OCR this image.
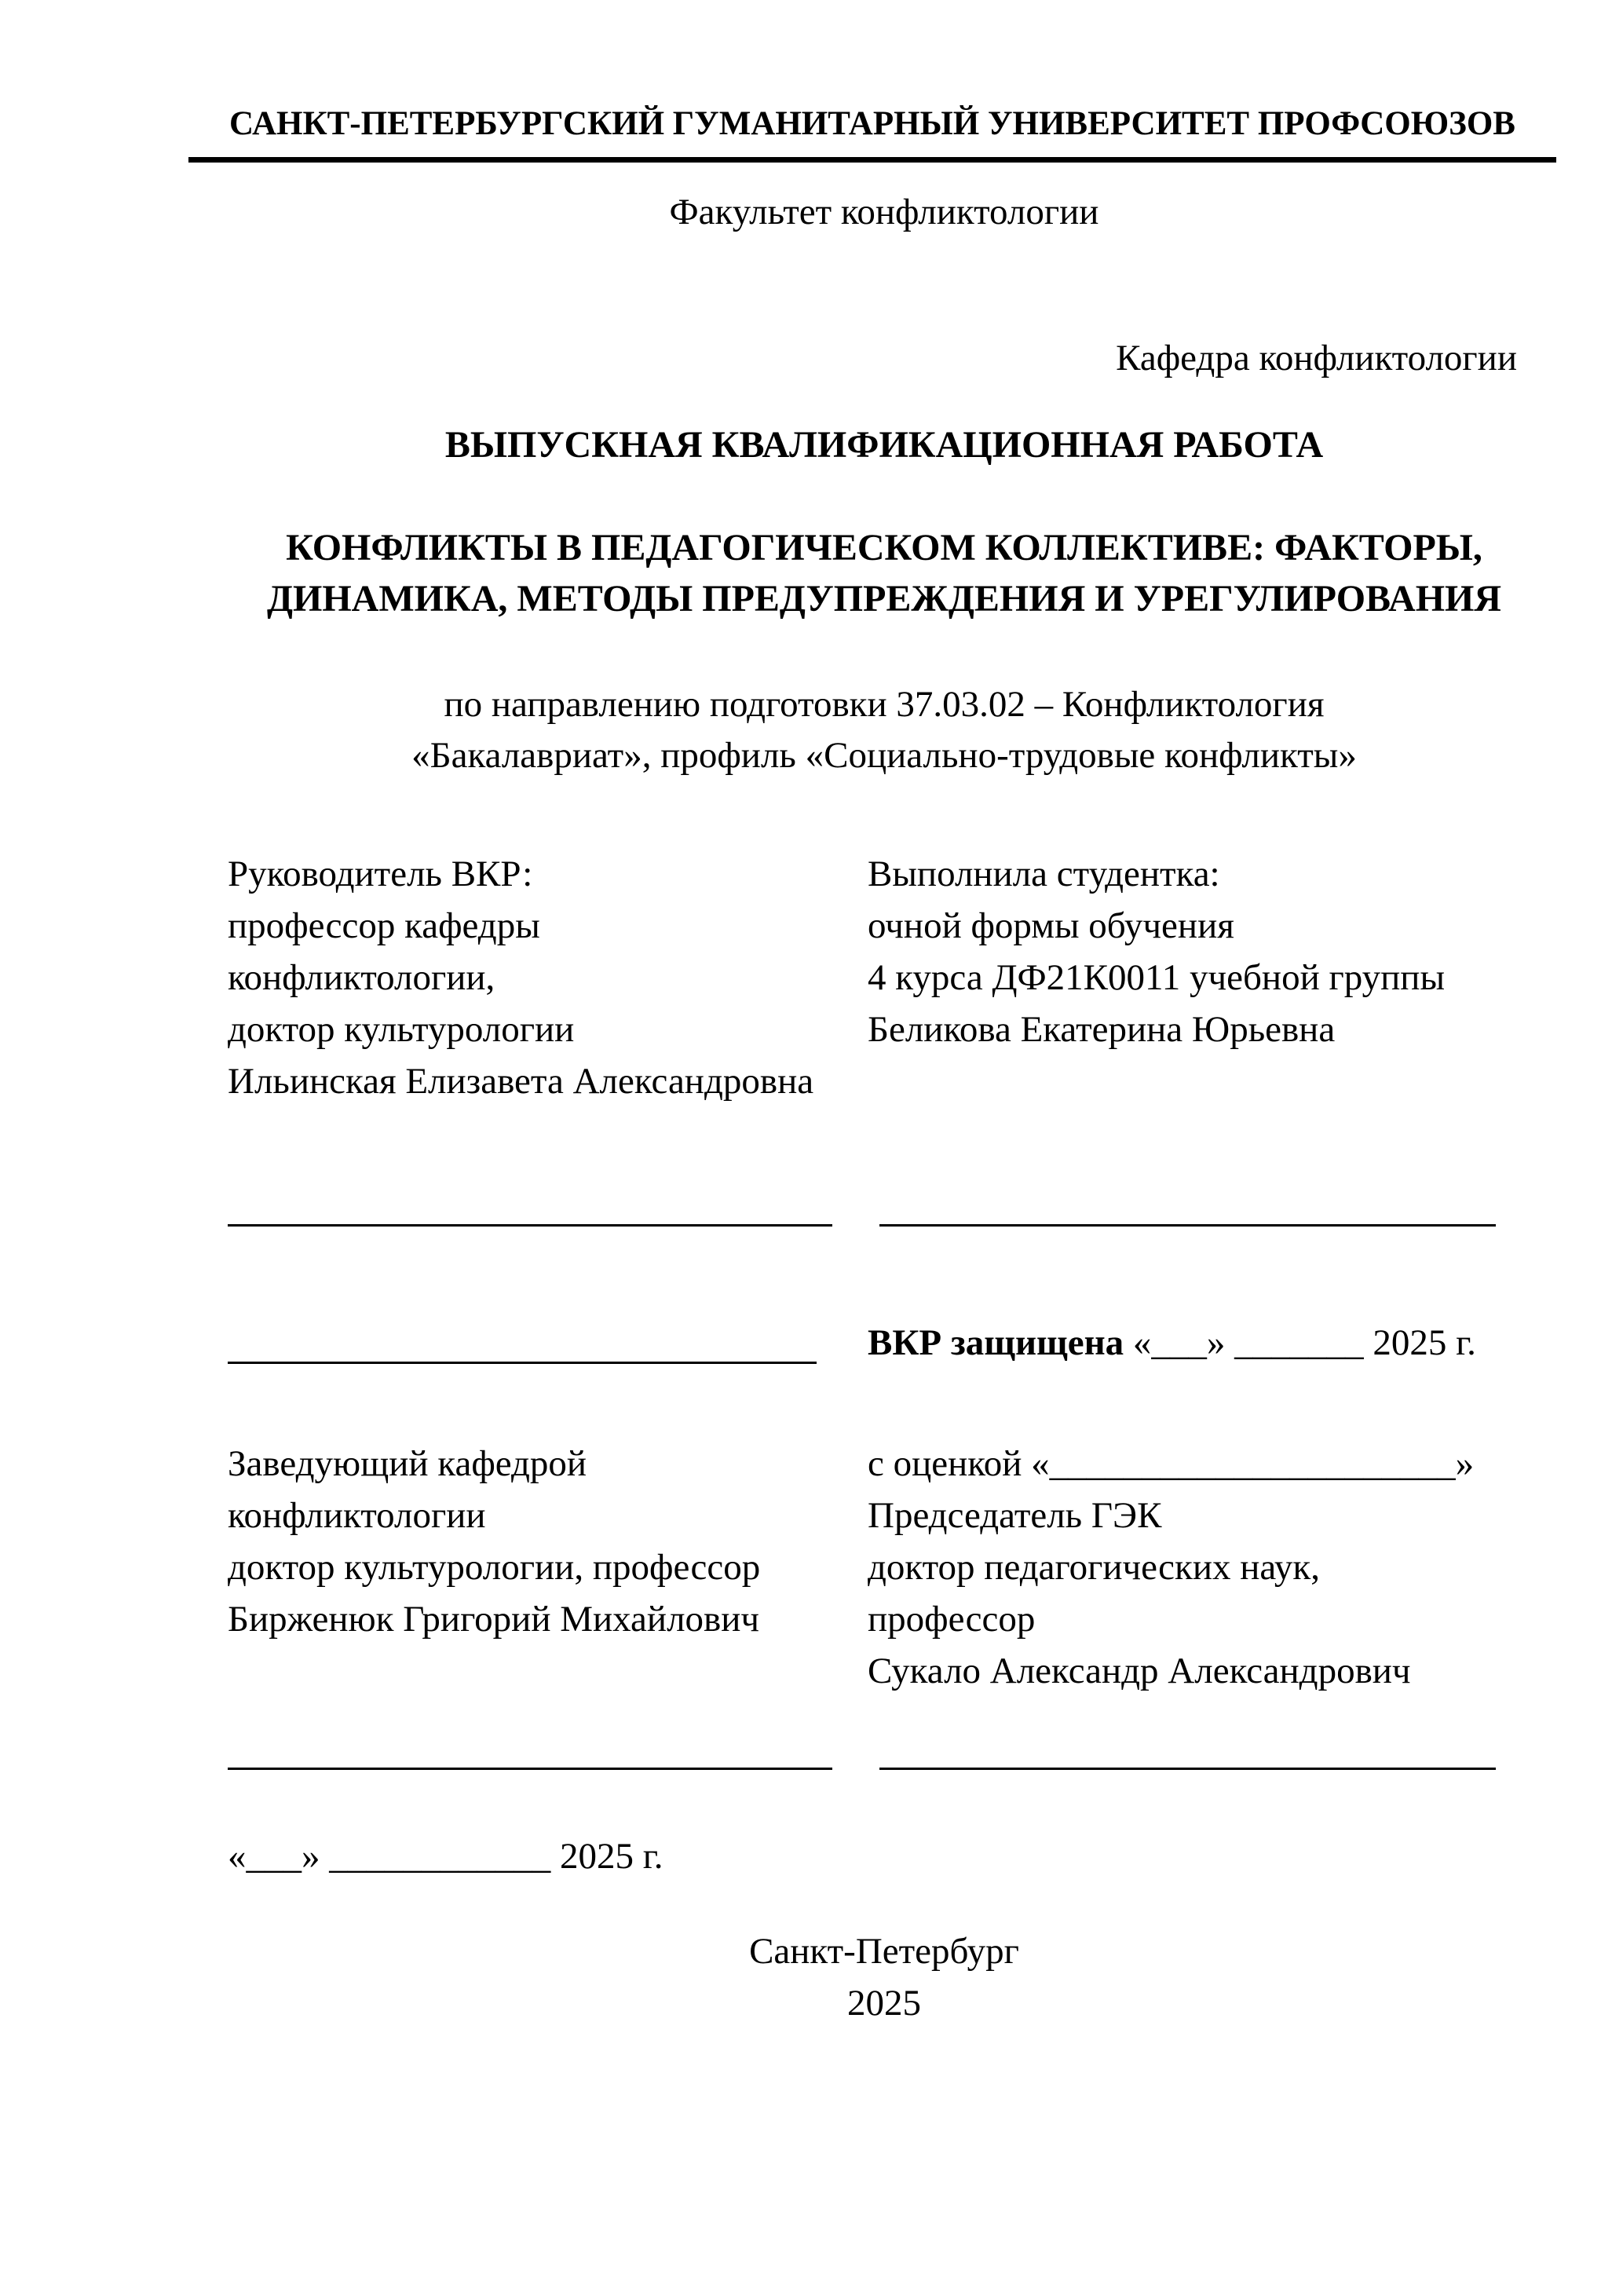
САНКТ-ПЕТЕРБУРГСКИЙ ГУМАНИТАРНЫЙ УНИВЕРСИТЕТ ПРОФСОЮЗОВ
Факультет конфликтологии
Кафедра конфликтологии
ВЫПУСКНАЯ КВАЛИФИКАЦИОННАЯ РАБОТА
КОНФЛИКТЫ В ПЕДАГОГИЧЕСКОМ КОЛЛЕКТИВЕ: ФАКТОРЫ,
ДИНАМИКА, МЕТОДЫ ПРЕДУПРЕЖДЕНИЯ И УРЕГУЛИРОВАНИЯ
по направлению подготовки 37.03.02 – Конфликтология
«Бакалавриат», профиль «Социально-трудовые конфликты»
Руководитель ВКР:
профессор кафедры
конфликтологии,
доктор культурологии
Ильинская Елизавета Александровна
Выполнила студентка:
очной формы обучения
4 курса ДФ21К0011 учебной группы
Беликова Екатерина Юрьевна
ВКР защищена «___» _______ 2025 г.
Заведующий кафедрой
конфликтологии
доктор культурологии, профессор
Бирженюк Григорий Михайлович
с оценкой «______________________»
Председатель ГЭК
доктор педагогических наук,
профессор
Сукало Александр Александрович
«___» ____________ 2025 г.
Санкт-Петербург
2025
